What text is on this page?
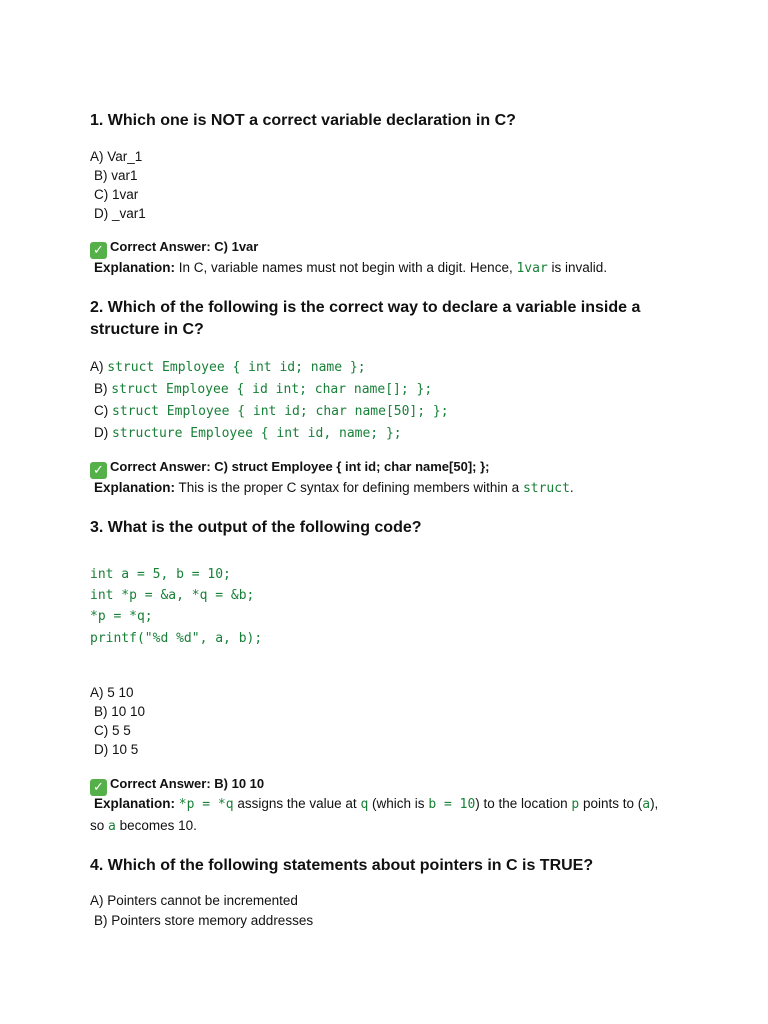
1. Which one is NOT a correct variable declaration in C?
A) Var_1
B) var1
C) 1var
D) _var1
✓ Correct Answer: C) 1var
Explanation: In C, variable names must not begin with a digit. Hence, 1var is invalid.
2. Which of the following is the correct way to declare a variable inside a structure in C?
A) struct Employee { int id; name };
B) struct Employee { id int; char name[]; };
C) struct Employee { int id; char name[50]; };
D) structure Employee { int id, name; };
✓ Correct Answer: C) struct Employee { int id; char name[50]; };
Explanation: This is the proper C syntax for defining members within a struct.
3. What is the output of the following code?
int a = 5, b = 10;
int *p = &a, *q = &b;
*p = *q;
printf("%d %d", a, b);
A) 5 10
B) 10 10
C) 5 5
D) 10 5
✓ Correct Answer: B) 10 10
Explanation: *p = *q assigns the value at q (which is b = 10) to the location p points to (a),
so a becomes 10.
4. Which of the following statements about pointers in C is TRUE?
A) Pointers cannot be incremented
B) Pointers store memory addresses
